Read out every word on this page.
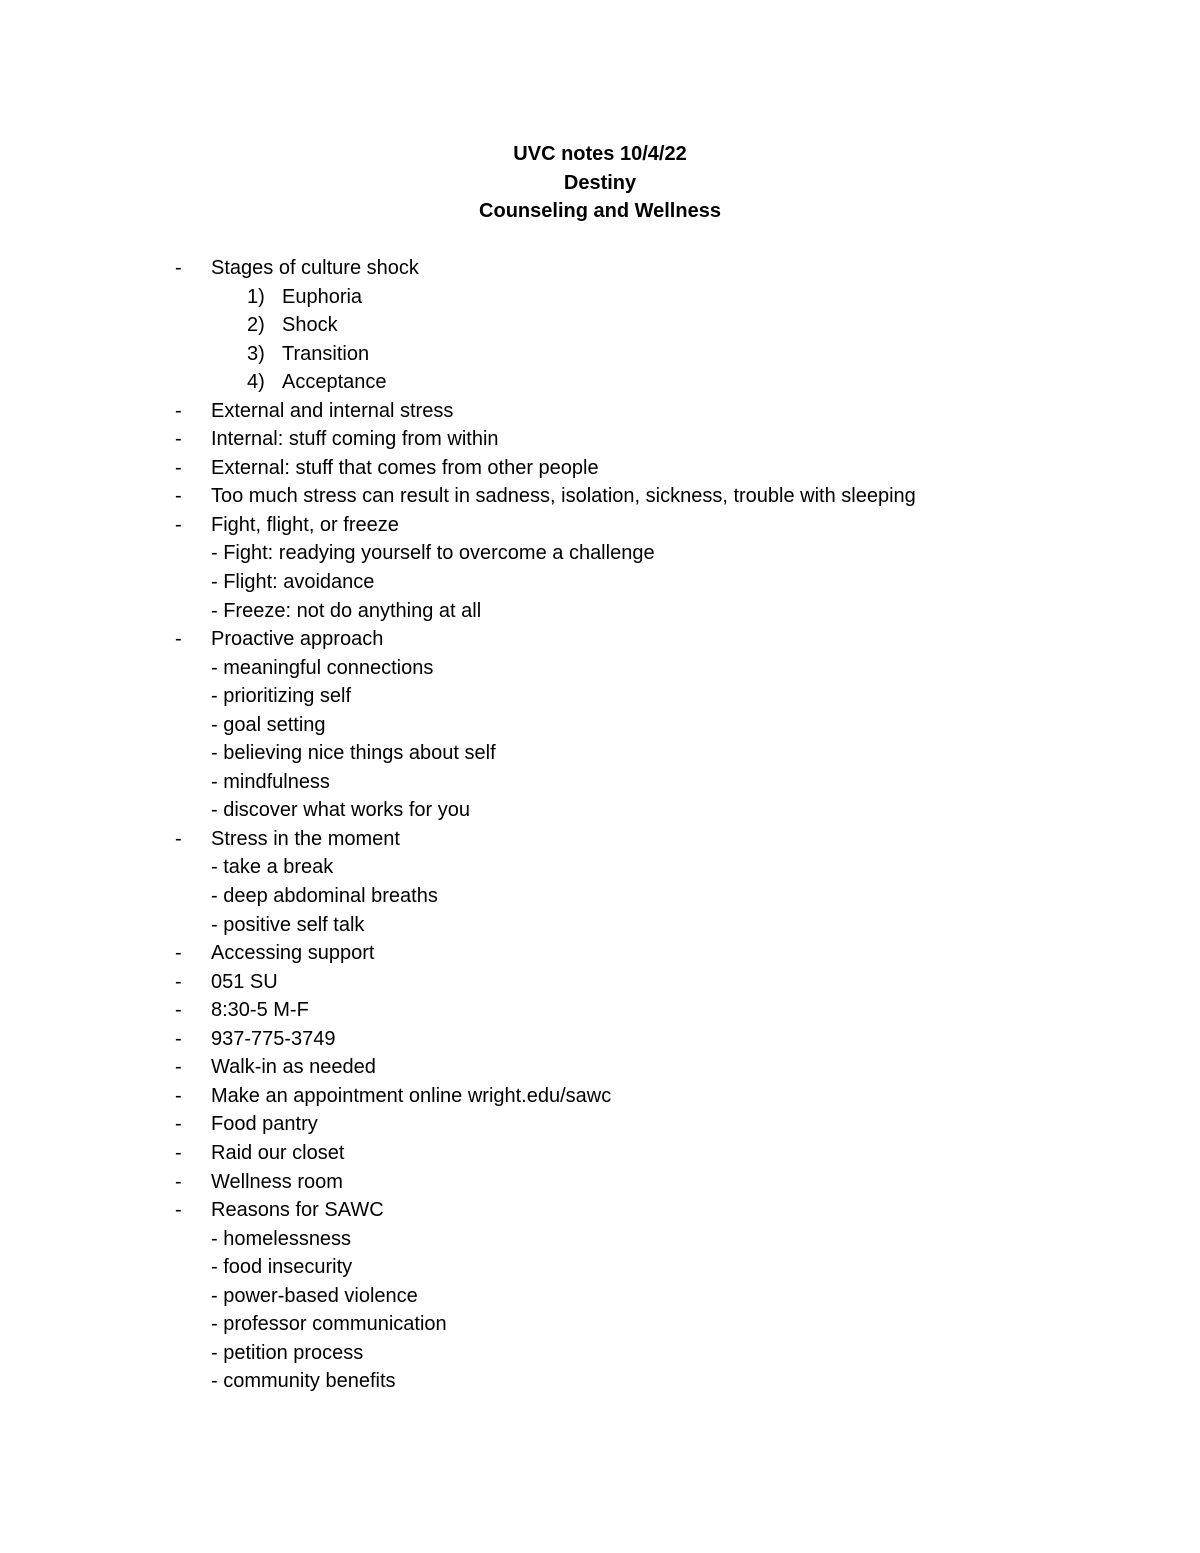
UVC notes 10/4/22
Destiny
Counseling and Wellness
- Stages of culture shock
1) Euphoria
2) Shock
3) Transition
4) Acceptance
- External and internal stress
- Internal: stuff coming from within
- External: stuff that comes from other people
- Too much stress can result in sadness, isolation, sickness, trouble with sleeping
- Fight, flight, or freeze
- Fight: readying yourself to overcome a challenge
- Flight: avoidance
- Freeze: not do anything at all
- Proactive approach
- meaningful connections
- prioritizing self
- goal setting
- believing nice things about self
- mindfulness
- discover what works for you
- Stress in the moment
- take a break
- deep abdominal breaths
- positive self talk
- Accessing support
- 051 SU
- 8:30-5 M-F
- 937-775-3749
- Walk-in as needed
- Make an appointment online wright.edu/sawc
- Food pantry
- Raid our closet
- Wellness room
- Reasons for SAWC
- homelessness
- food insecurity
- power-based violence
- professor communication
- petition process
- community benefits
